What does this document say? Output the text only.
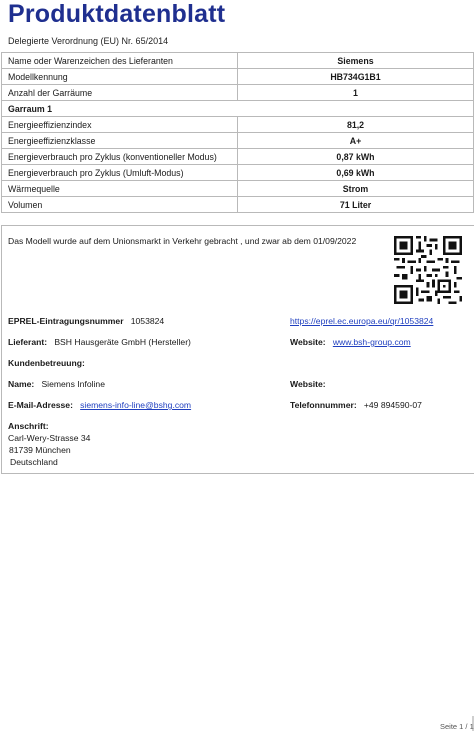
Produktdatenblatt
Delegierte Verordnung (EU) Nr. 65/2014
Name oder Warenzeichen des Lieferanten	Siemens
Modellkennung	HB734G1B1
Anzahl der Garräume	1
Garraum 1	
Energieeffizienzindex	81,2
Energieeffizienzklasse	A+
Energieverbrauch pro Zyklus (konventioneller Modus)	0,87 kWh
Energieverbrauch pro Zyklus (Umluft-Modus)	0,69 kWh
Wärmequelle	Strom
Volumen	71 Liter
Das Modell wurde auf dem Unionsmarkt in Verkehr gebracht , und zwar ab dem 01/09/2022
EPREL-Eintragungsnummer 1053824	https://eprel.ec.europa.eu/qr/1053824
Lieferant: BSH Hausgeräte GmbH (Hersteller)	Website: www.bsh-group.com
Kundenbetreuung:
Name: Siemens Infoline	Website:
E-Mail-Adresse: siemens-info-line@bshg.com	Telefonnummer: +49 894590-07
Anschrift:
Carl-Wery-Strasse 34
81739 München
Deutschland
Seite 1 / 1
